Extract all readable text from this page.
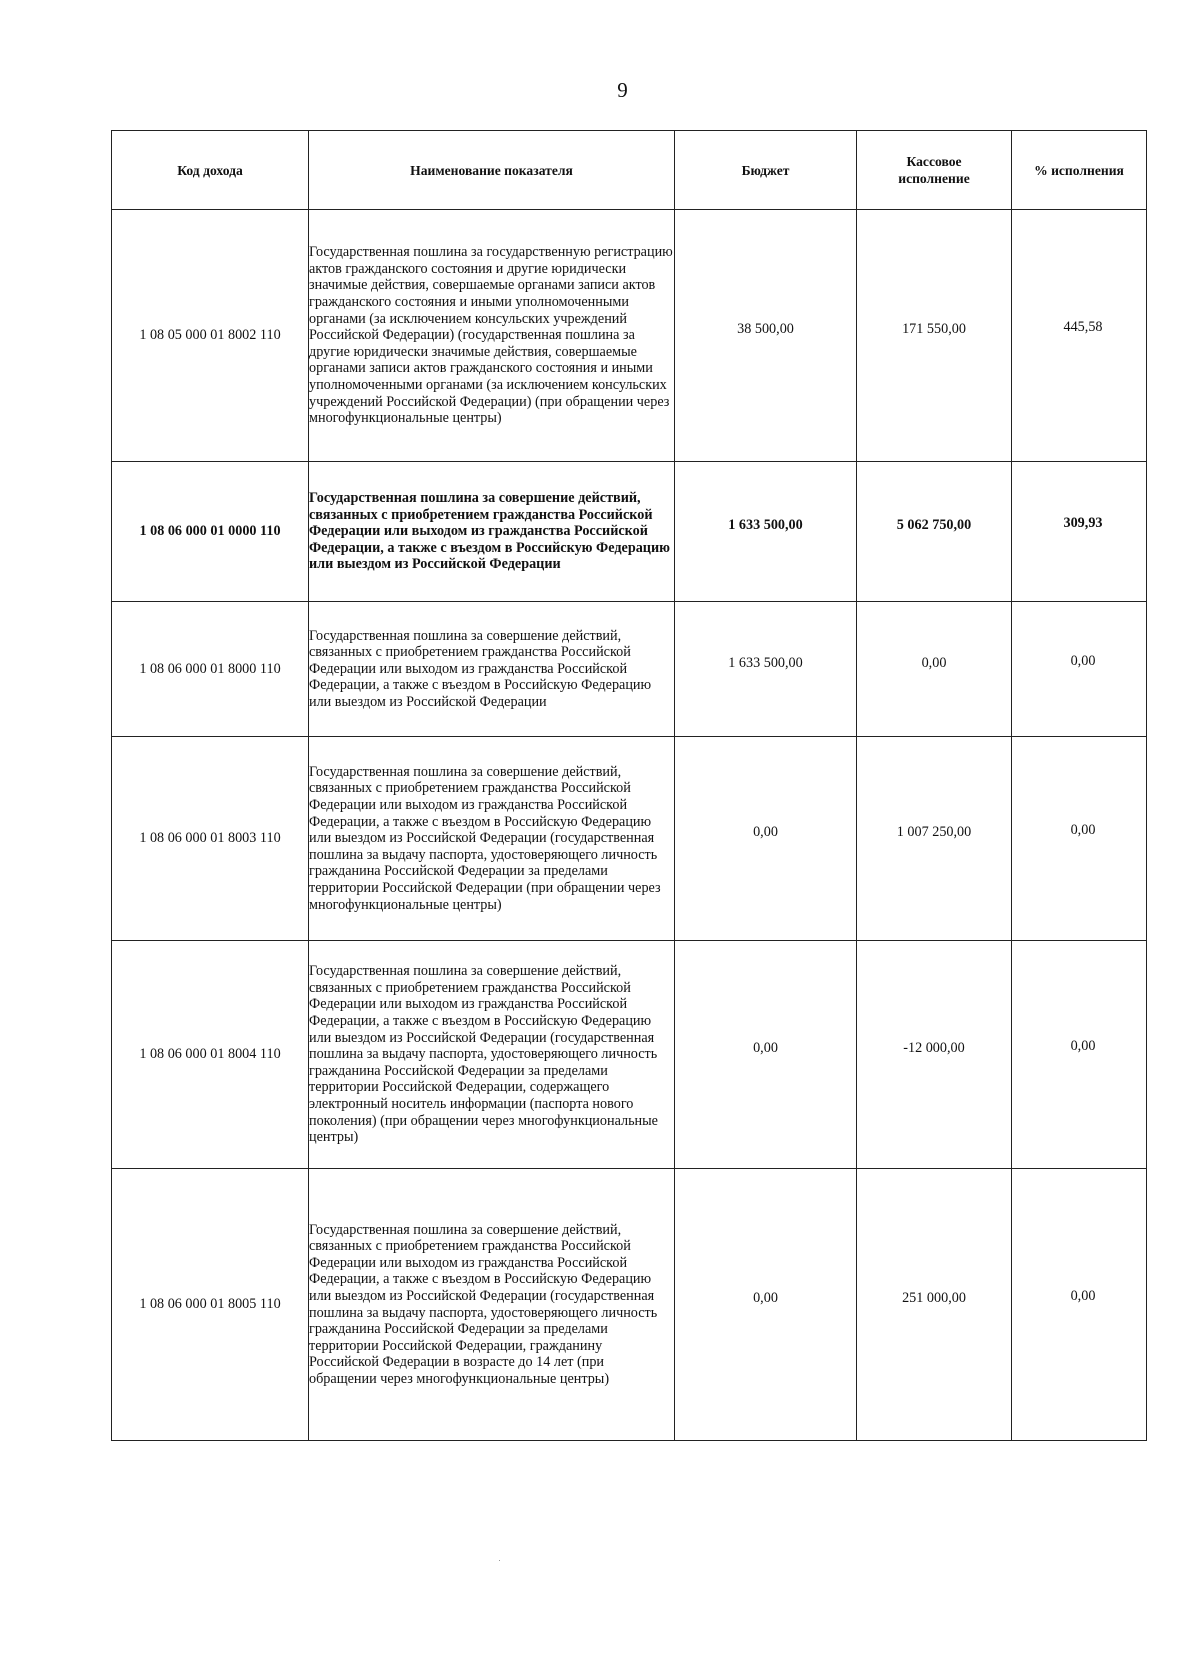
9
Код дохода	Наименование показателя	Бюджет	Кассовое исполнение	% исполнения
1 08 05 000 01 8002 110	Государственная пошлина за государственную регистрацию актов гражданского состояния и другие юридически значимые действия, совершаемые органами записи актов гражданского состояния и иными уполномоченными органами (за исключением консульских учреждений Российской Федерации) (государственная пошлина за другие юридически значимые действия, совершаемые органами записи актов гражданского состояния и иными уполномоченными органами (за исключением консульских учреждений Российской Федерации) (при обращении через многофункциональные центры)	38 500,00	171 550,00	445,58
1 08 06 000 01 0000 110	Государственная пошлина за совершение действий, связанных с приобретением гражданства Российской Федерации или выходом из гражданства Российской Федерации, а также с въездом в Российскую Федерацию или выездом из Российской Федерации	1 633 500,00	5 062 750,00	309,93
1 08 06 000 01 8000 110	Государственная пошлина за совершение действий, связанных с приобретением гражданства Российской Федерации или выходом из гражданства Российской Федерации, а также с въездом в Российскую Федерацию или выездом из Российской Федерации	1 633 500,00	0,00	0,00
1 08 06 000 01 8003 110	Государственная пошлина за совершение действий, связанных с приобретением гражданства Российской Федерации или выходом из гражданства Российской Федерации, а также с въездом в Российскую Федерацию или выездом из Российской Федерации (государственная пошлина за выдачу паспорта, удостоверяющего личность гражданина Российской Федерации за пределами территории Российской Федерации (при обращении через многофункциональные центры)	0,00	1 007 250,00	0,00
1 08 06 000 01 8004 110	Государственная пошлина за совершение действий, связанных с приобретением гражданства Российской Федерации или выходом из гражданства Российской Федерации, а также с въездом в Российскую Федерацию или выездом из Российской Федерации (государственная пошлина за выдачу паспорта, удостоверяющего личность гражданина Российской Федерации за пределами территории Российской Федерации, содержащего электронный носитель информации (паспорта нового поколения) (при обращении через многофункциональные центры)	0,00	-12 000,00	0,00
1 08 06 000 01 8005 110	Государственная пошлина за совершение действий, связанных с приобретением гражданства Российской Федерации или выходом из гражданства Российской Федерации, а также с въездом в Российскую Федерацию или выездом из Российской Федерации (государственная пошлина за выдачу паспорта, удостоверяющего личность гражданина Российской Федерации за пределами территории Российской Федерации, гражданину Российской Федерации в возрасте до 14 лет (при обращении через многофункциональные центры)	0,00	251 000,00	0,00
